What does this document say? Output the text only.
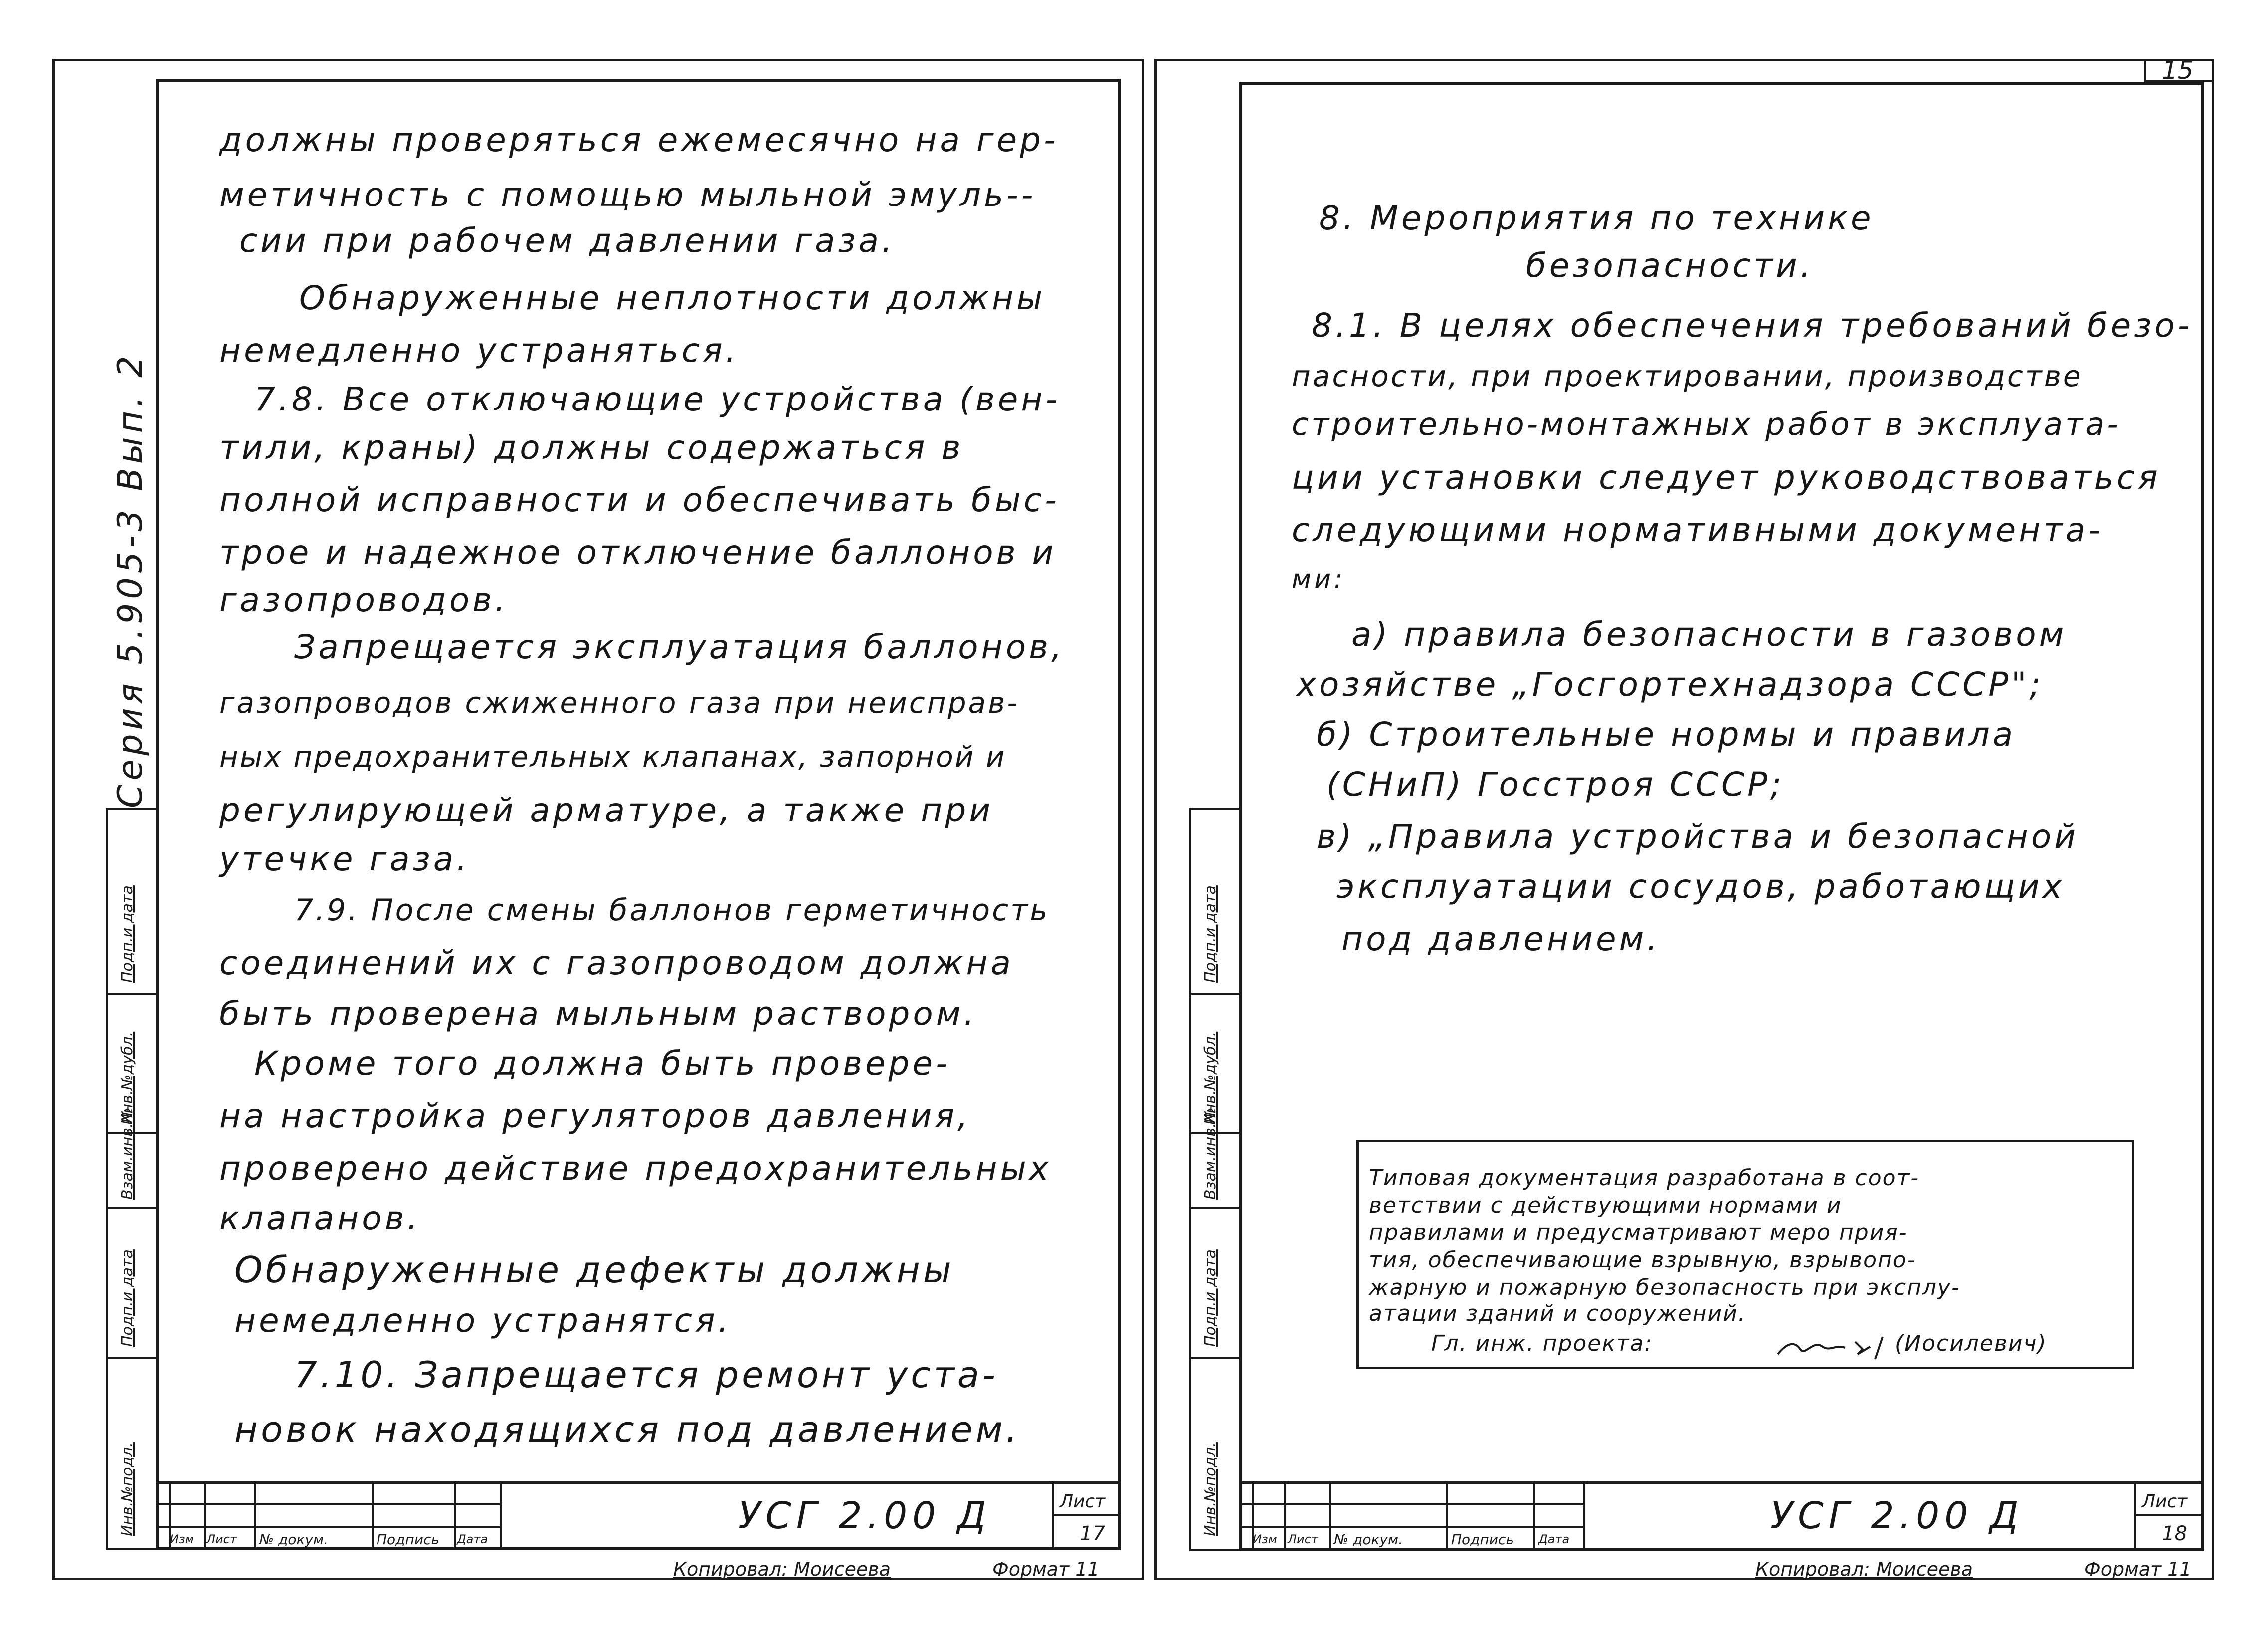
Инв.№подл.
Подп.и дата
Взам.инв.№
Инв.№дубл.
Подп.и дата
Серия 5.905-3 Вып. 2
должны проверяться ежемесячно на гер-
метичность с помощью мыльной эмуль--
сии при рабочем давлении газа.
Обнаруженные неплотности должны
немедленно устраняться.
7.8. Все отключающие устройства (вен-
тили, краны) должны содержаться в
полной исправности и обеспечивать быс-
трое и надежное отключение баллонов и
газопроводов.
Запрещается эксплуатация баллонов,
газопроводов сжиженного газа при неисправ-
ных предохранительных клапанах, запорной и
регулирующей арматуре, а также при
утечке газа.
7.9. После смены баллонов герметичность
соединений их с газопроводом должна
быть проверена мыльным раствором.
Кроме того должна быть провере-
на настройка регуляторов давления,
проверено действие предохранительных
клапанов.
Обнаруженные дефекты должны
немедленно устранятся.
7.10. Запрещается ремонт уста-
новок находящихся под давлением.
Изм Лист № докум.	Подпись Дата
УСГ 2.00 Д	Лист
17
Копировал: Моисеева	Формат 11
15
Инв.№подл.
Подп.и дата
Взам.инв.№
Инв.№дубл.
Подп.и дата
8. Мероприятия по технике
безопасности.
8.1. В целях обеспечения требований безо-
пасности, при проектировании, производстве
строительно-монтажных работ в эксплуата-
ции установки следует руководствоваться
следующими нормативными документа-
ми:
а) правила безопасности в газовом
хозяйстве „Госгортехнадзора СССР";
б) Строительные нормы и правила
(СНиП) Госстроя СССР;
в) „Правила устройства и безопасной
эксплуатации сосудов, работающих
под давлением.
Типовая документация разработана в соот-
ветствии с действующими нормами и
правилами и предусматривают меро прия-
тия, обеспечивающие взрывную, взрывопо-
жарную и пожарную безопасность при эксплу-
атации зданий и сооружений.
Гл. инж. проекта:	(Иосилевич)
Изм Лист № докум.	Подпись Дата
УСГ 2.00 Д	Лист
18
Копировал: Моисеева	Формат 11
